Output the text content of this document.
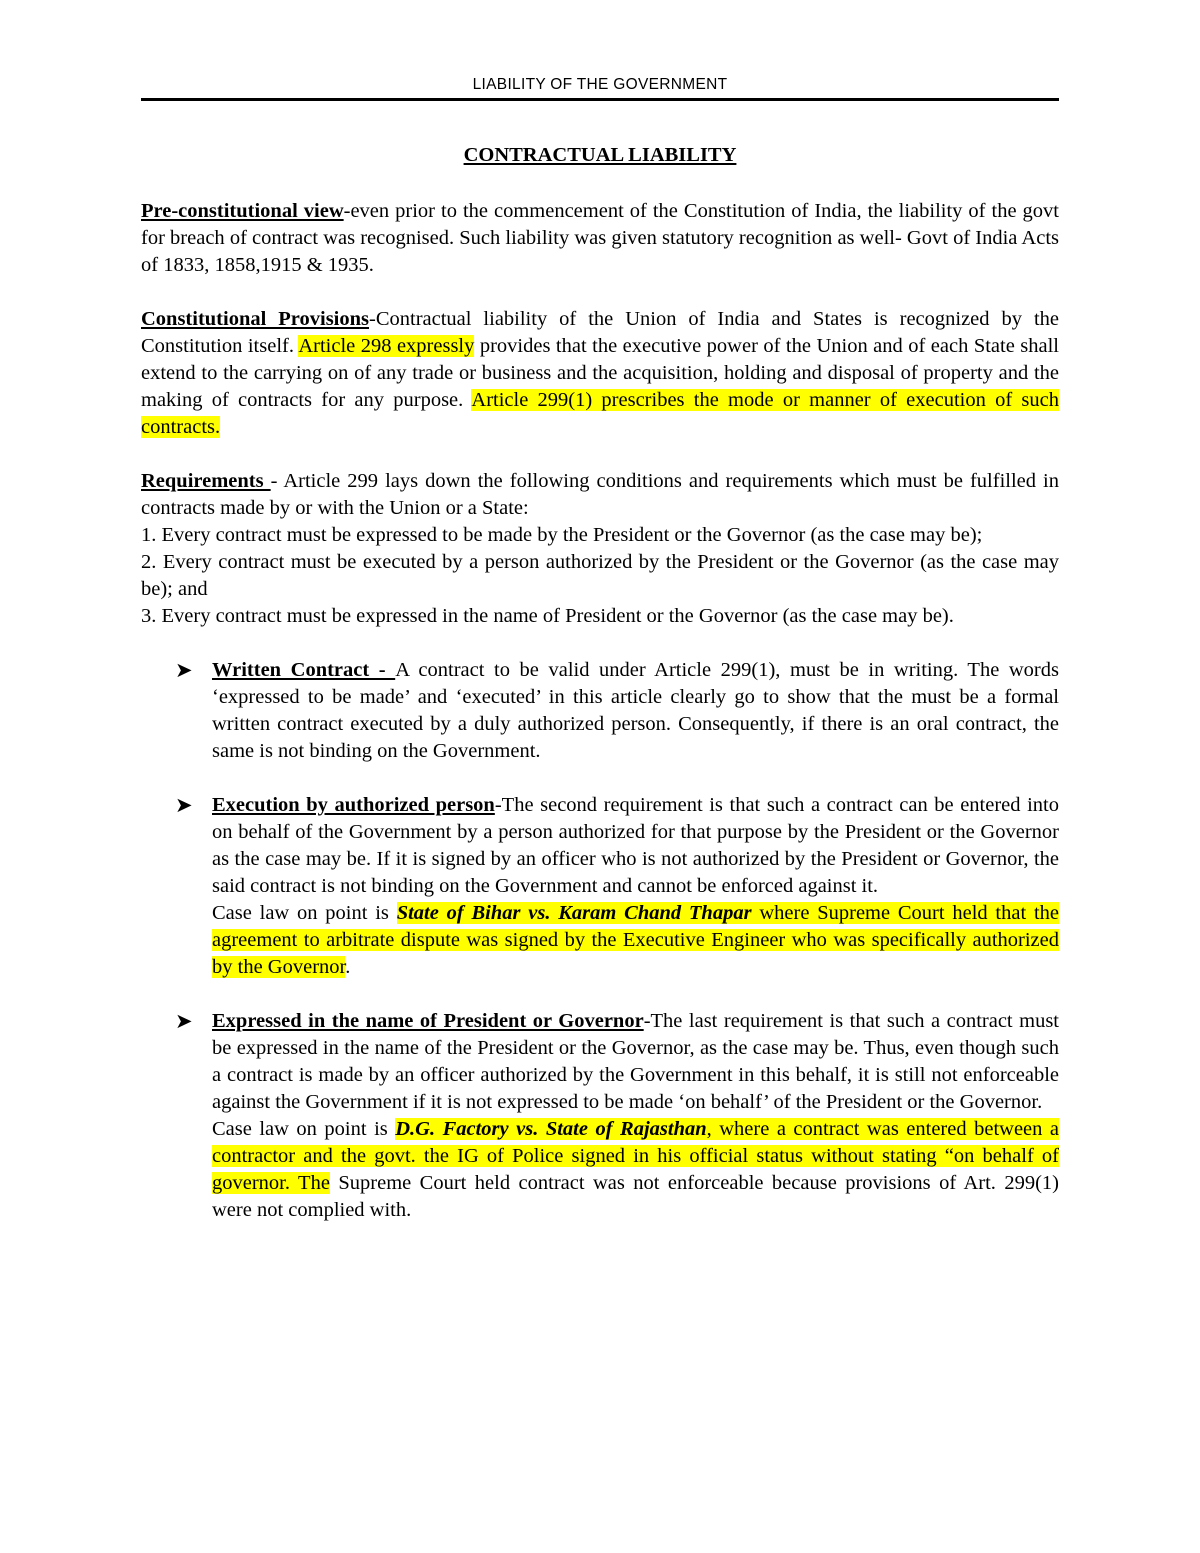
LIABILITY OF THE GOVERNMENT

CONTRACTUAL LIABILITY

Pre-constitutional view-even prior to the commencement of the Constitution of India, the liability of the govt for breach of contract was recognised. Such liability was given statutory recognition as well- Govt of India Acts of 1833, 1858,1915 & 1935.

Constitutional Provisions-Contractual liability of the Union of India and States is recognized by the Constitution itself. Article 298 expressly provides that the executive power of the Union and of each State shall extend to the carrying on of any trade or business and the acquisition, holding and disposal of property and the making of contracts for any purpose. Article 299(1) prescribes the mode or manner of execution of such contracts.

Requirements - Article 299 lays down the following conditions and requirements which must be fulfilled in contracts made by or with the Union or a State:

1. Every contract must be expressed to be made by the President or the Governor (as the case may be);

2. Every contract must be executed by a person authorized by the President or the Governor (as the case may be); and

3. Every contract must be expressed in the name of President or the Governor (as the case may be).

➤ Written Contract - A contract to be valid under Article 299(1), must be in writing. The words ‘expressed to be made’ and ‘executed’ in this article clearly go to show that the must be a formal written contract executed by a duly authorized person. Consequently, if there is an oral contract, the same is not binding on the Government.

➤ Execution by authorized person-The second requirement is that such a contract can be entered into on behalf of the Government by a person authorized for that purpose by the President or the Governor as the case may be. If it is signed by an officer who is not authorized by the President or Governor, the said contract is not binding on the Government and cannot be enforced against it.

Case law on point is State of Bihar vs. Karam Chand Thapar where Supreme Court held that the agreement to arbitrate dispute was signed by the Executive Engineer who was specifically authorized by the Governor.

➤ Expressed in the name of President or Governor-The last requirement is that such a contract must be expressed in the name of the President or the Governor, as the case may be. Thus, even though such a contract is made by an officer authorized by the Government in this behalf, it is still not enforceable against the Government if it is not expressed to be made ‘on behalf’ of the President or the Governor.

Case law on point is D.G. Factory vs. State of Rajasthan, where a contract was entered between a contractor and the govt. the IG of Police signed in his official status without stating “on behalf of governor. The Supreme Court held contract was not enforceable because provisions of Art. 299(1) were not complied with.
